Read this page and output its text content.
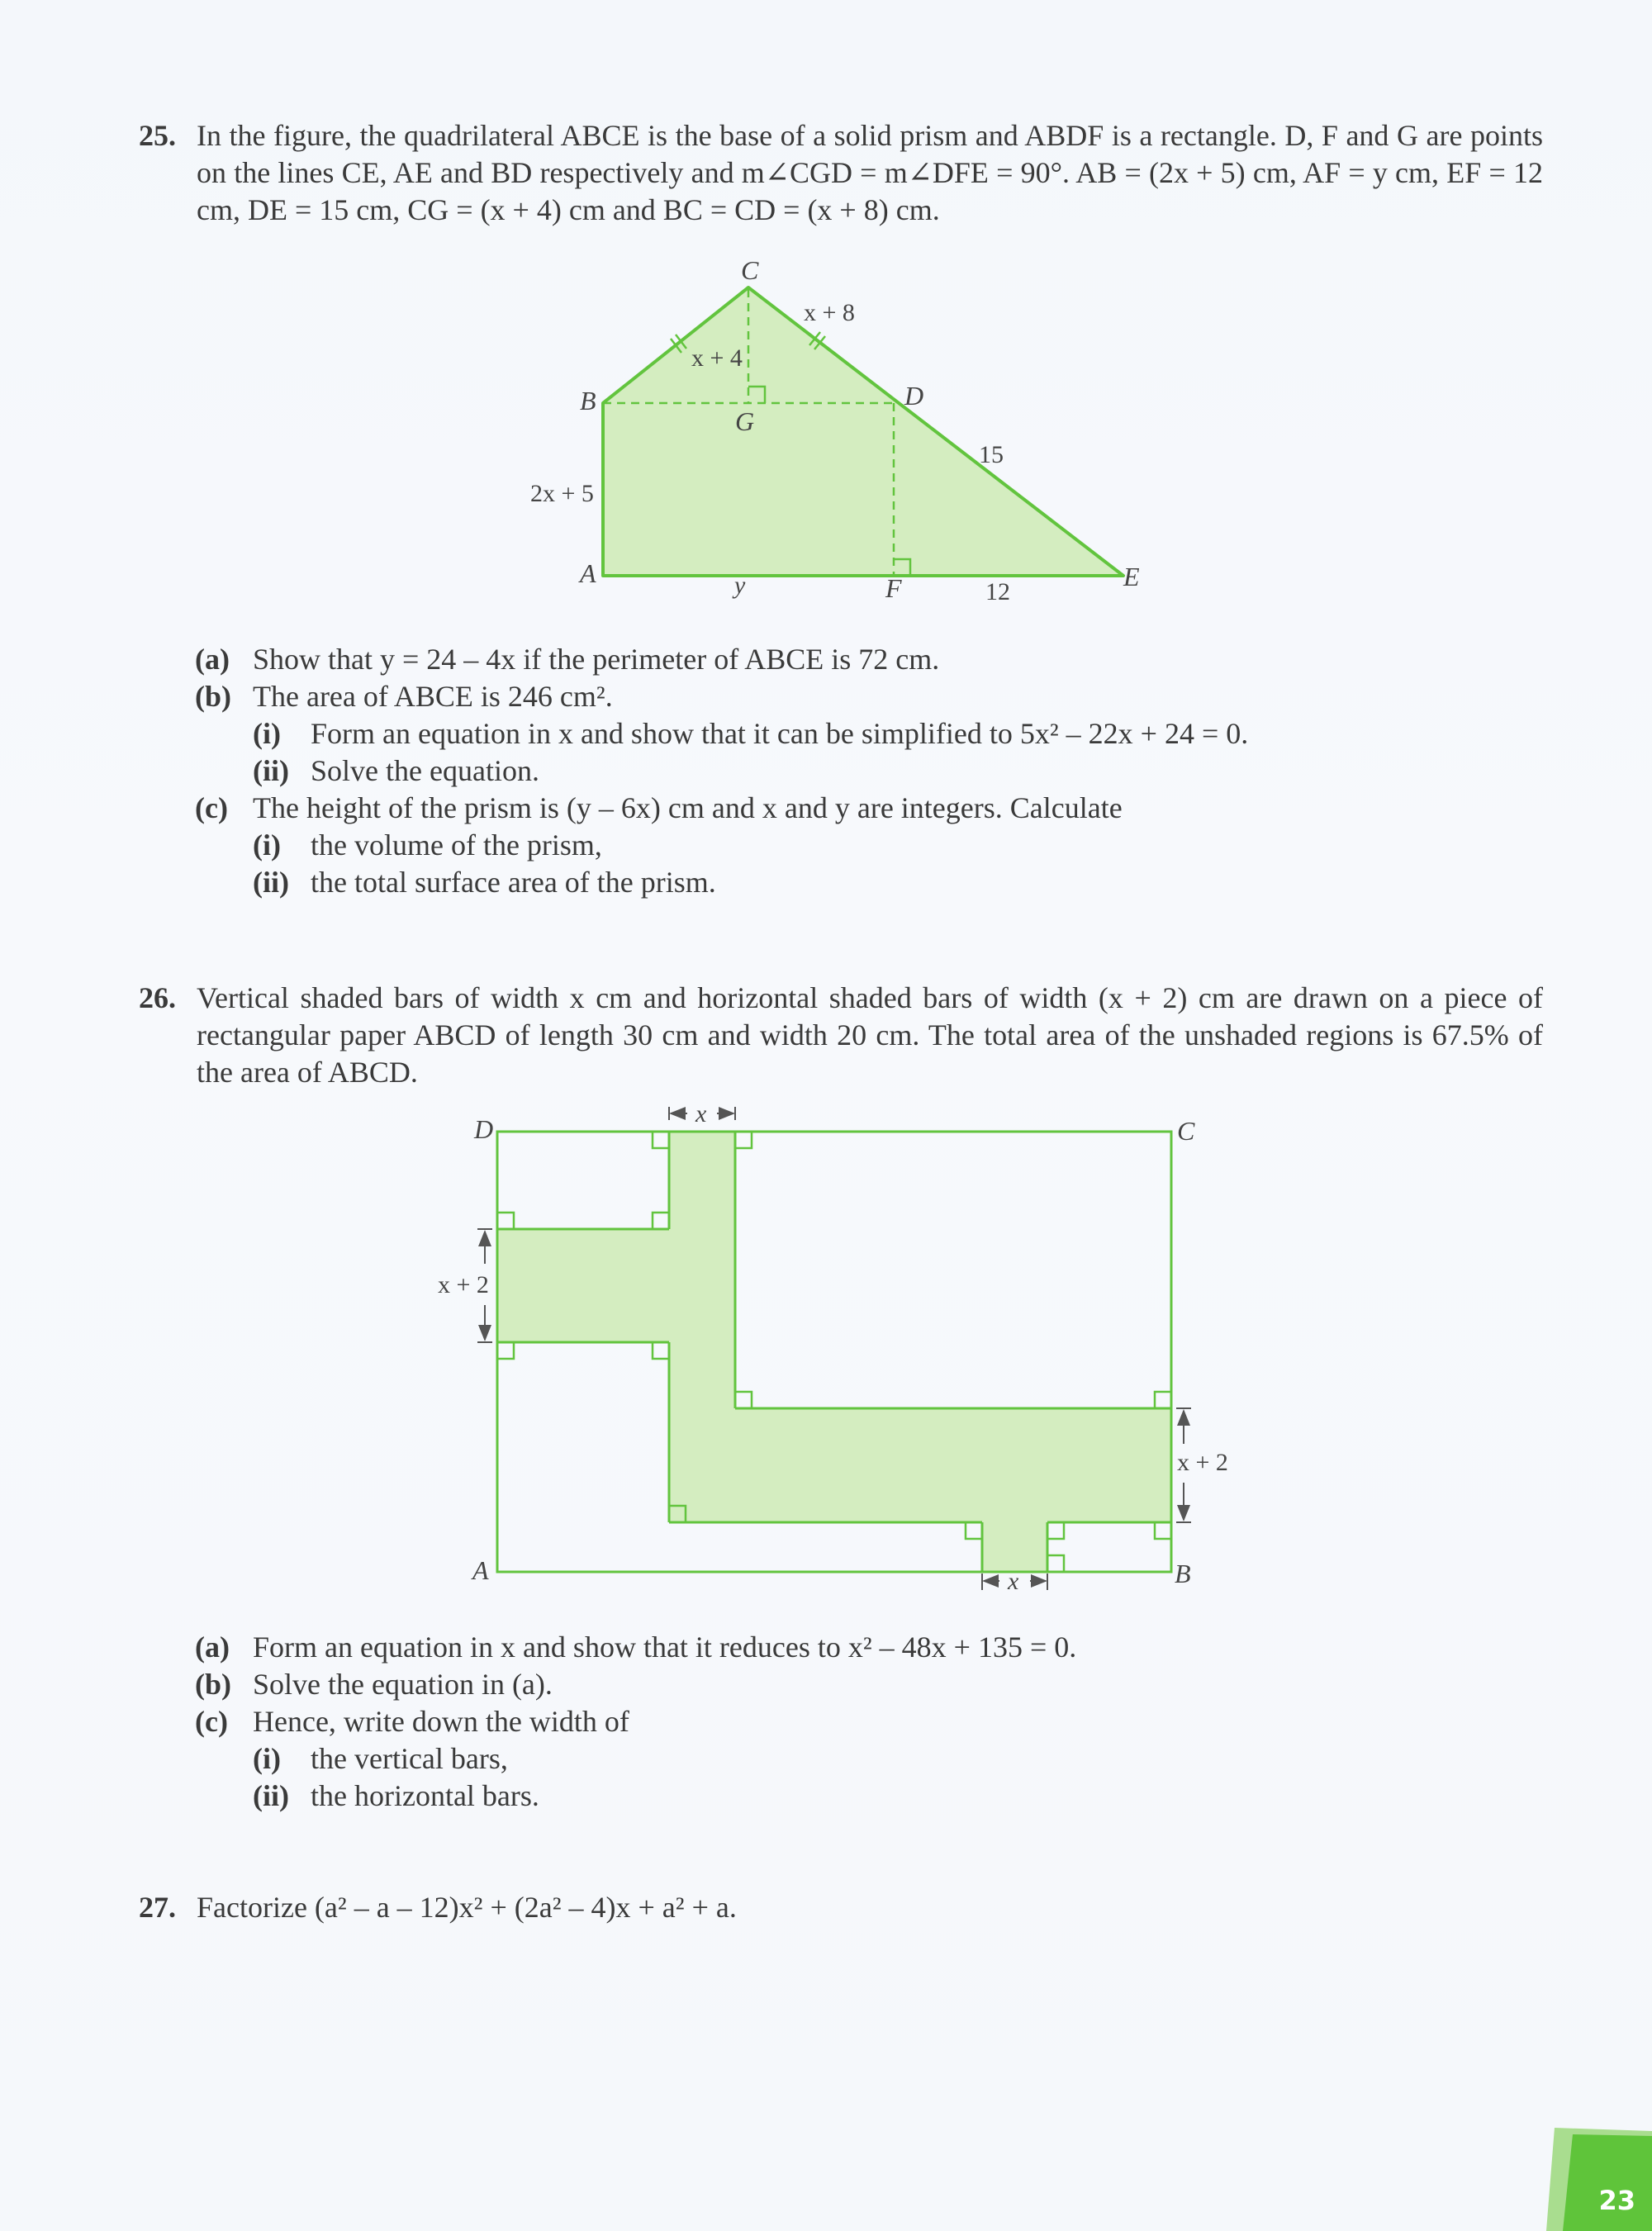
25. In the figure, the quadrilateral ABCE is the base of a solid prism and ABDF is a rectangle. D, F and G are points on the lines CE, AE and BD respectively and m∠CGD = m∠DFE = 90°. AB = (2x + 5) cm, AF = y cm, EF = 12 cm, DE = 15 cm, CG = (x + 4) cm and BC = CD = (x + 8) cm.

C
B	D
G
A	F	E
x + 8
x + 4
15
2x + 5
y	12
(a) Show that y = 24 – 4x if the perimeter of ABCE is 72 cm.
(b) The area of ABCE is 246 cm².
(i)	Form an equation in x and show that it can be simplified to 5x² – 22x + 24 = 0.
(ii) Solve the equation.
(c) The height of the prism is (y – 6x) cm and x and y are integers. Calculate
(i)	the volume of the prism,
(ii) the total surface area of the prism.
26. Vertical shaded bars of width x cm and horizontal shaded bars of width (x + 2) cm are drawn on a piece of rectangular paper ABCD of length 30 cm and width 20 cm. The total area of the unshaded regions is 67.5% of the area of ABCD.

x
x
x + 2
x + 2
D	C
A	B
(a) Form an equation in x and show that it reduces to x² – 48x + 135 = 0.
(b) Solve the equation in (a).
(c) Hence, write down the width of
(i)	the vertical bars,
(ii) the horizontal bars.
27. Factorize (a² – a – 12)x² + (2a² – 4)x + a² + a.

23
